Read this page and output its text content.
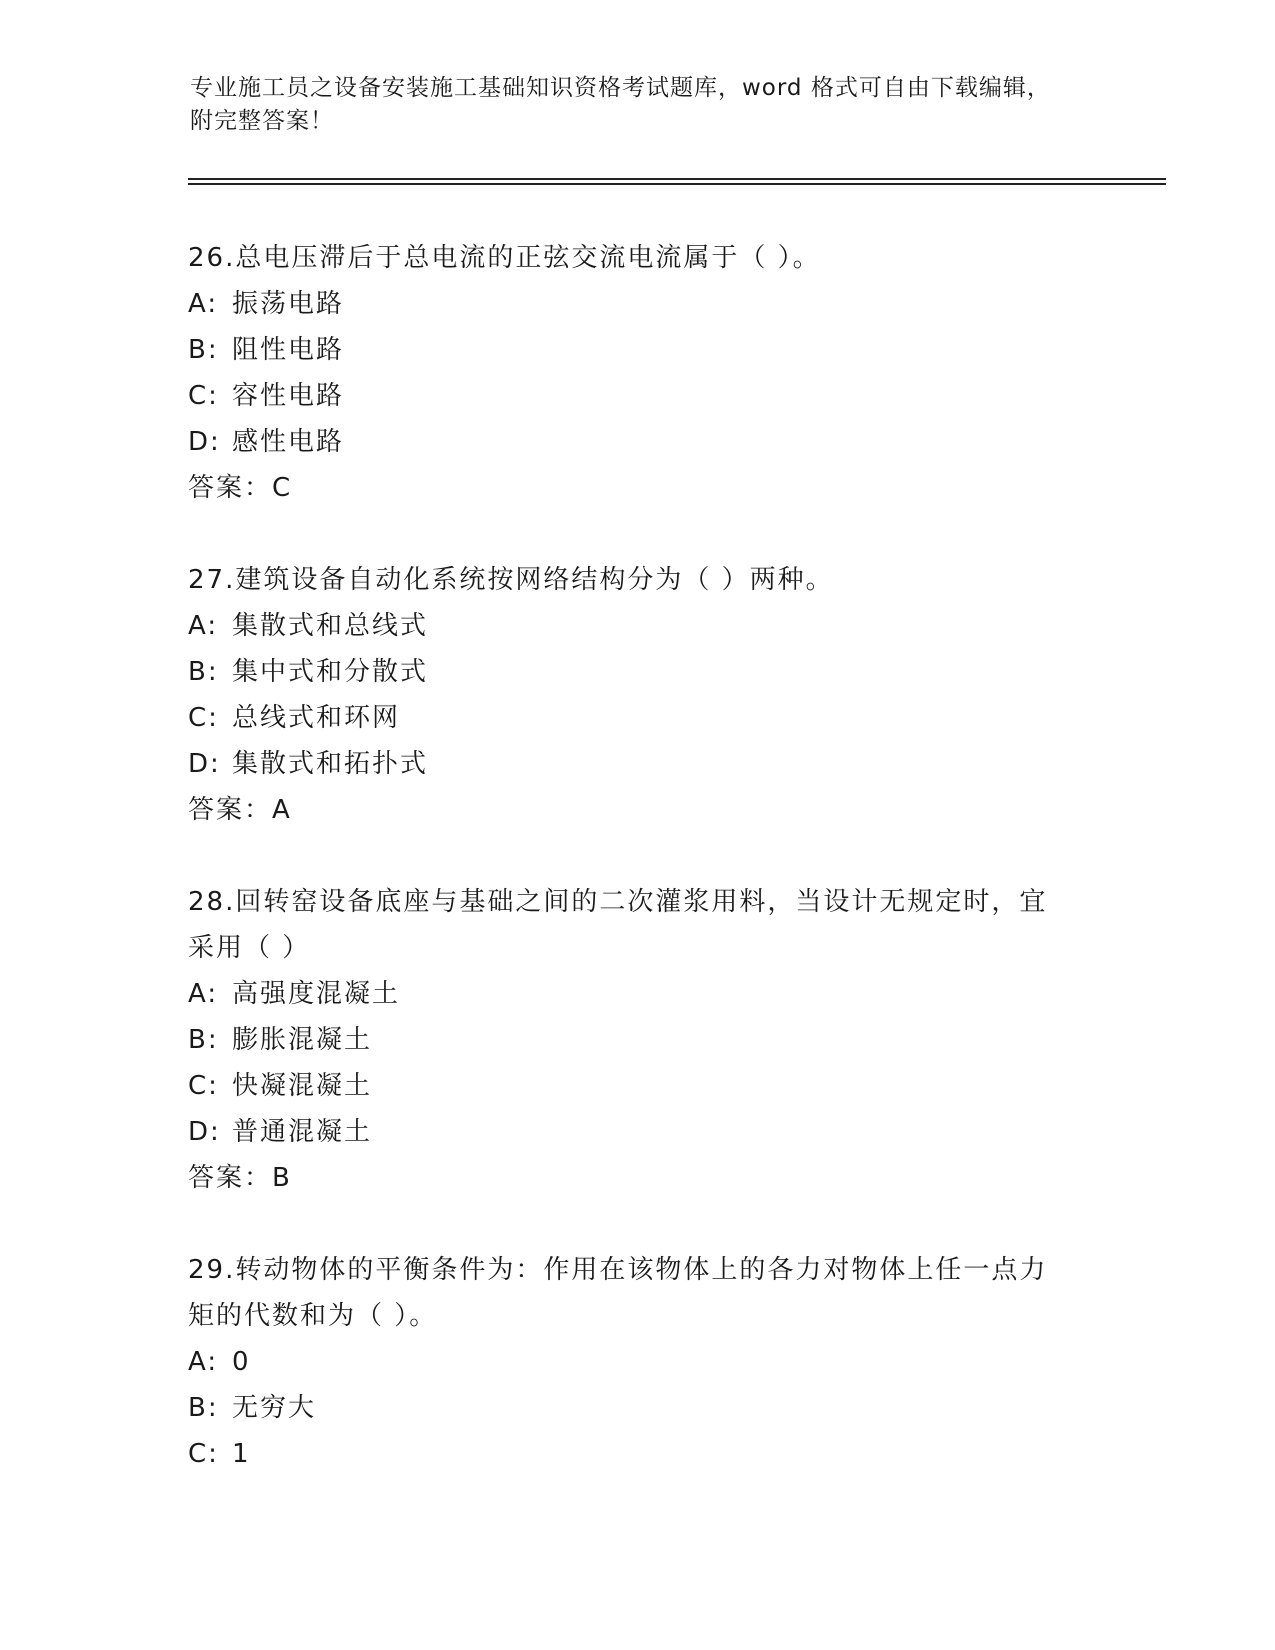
专业施工员之设备安装施工基础知识资格考试题库，word 格式可自由下载编辑，
附完整答案！
26.总电压滞后于总电流的正弦交流电流属于（ ）。
A: 振荡电路
B: 阻性电路
C: 容性电路
D: 感性电路
答案：C
27.建筑设备自动化系统按网络结构分为（ ）两种。
A: 集散式和总线式
B: 集中式和分散式
C: 总线式和环网
D: 集散式和拓扑式
答案：A
28.回转窑设备底座与基础之间的二次灌浆用料，当设计无规定时，宜
采用（ ）
A: 高强度混凝土
B: 膨胀混凝土
C: 快凝混凝土
D: 普通混凝土
答案：B
29.转动物体的平衡条件为：作用在该物体上的各力对物体上任一点力
矩的代数和为（ ）。
A: 0
B: 无穷大
C: 1
